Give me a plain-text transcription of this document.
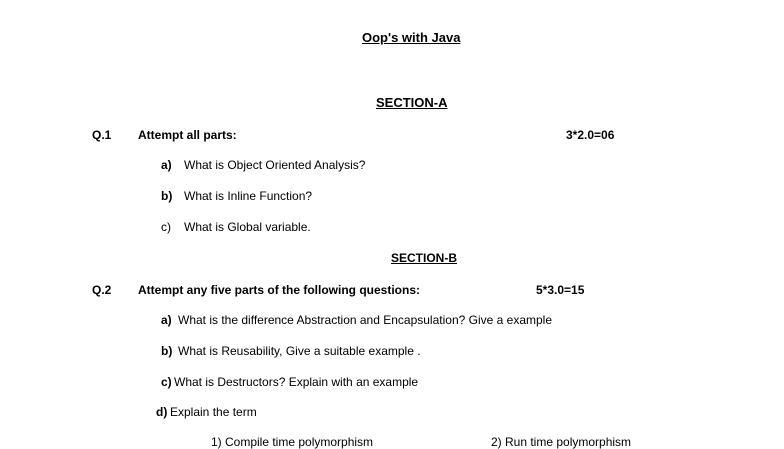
Oop's with Java
SECTION-A
Q.1 Attempt all parts:	3*2.0=06
a) What is Object Oriented Analysis?
b) What is Inline Function?
c) What is Global variable.
SECTION-B
Q.2 Attempt any five parts of the following questions:	5*3.0=15
a) What is the difference Abstraction and Encapsulation? Give a example
b) What is Reusability, Give a suitable example .
c) What is Destructors? Explain with an example
d) Explain the term
1) Compile time polymorphism	2) Run time polymorphism
